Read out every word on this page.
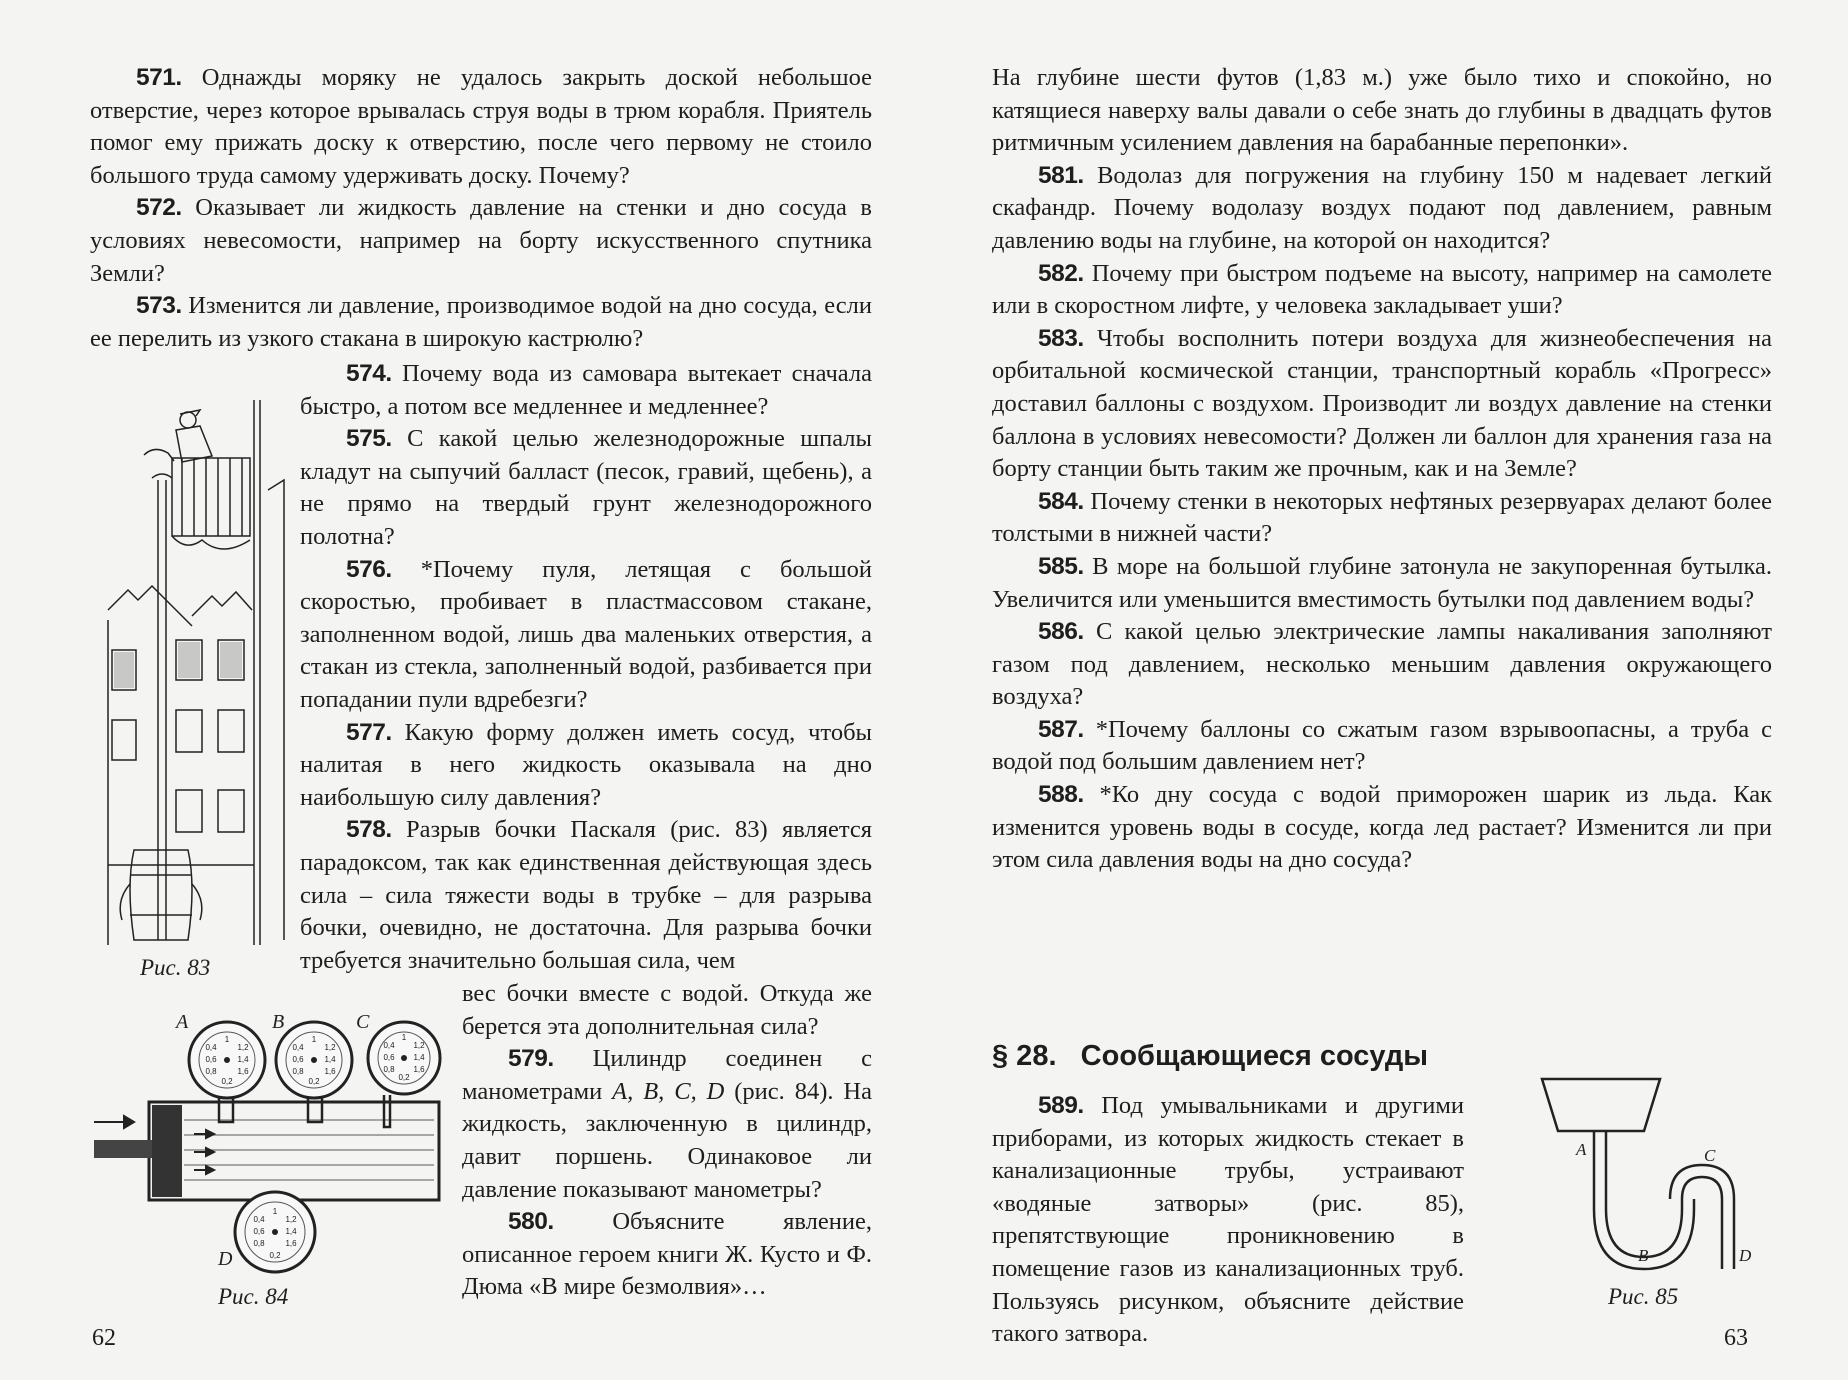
571. Однажды моряку не удалось закрыть доской небольшое отверстие, через которое врывалась струя воды в трюм корабля. Приятель помог ему прижать доску к отверстию, после чего первому не стоило большого труда самому удерживать доску. Почему?

572. Оказывает ли жидкость давление на стенки и дно сосуда в условиях невесомости, например на борту искусственного спутника Земли?

573. Изменится ли давление, производимое водой на дно сосуда, если ее перелить из узкого стакана в широкую кастрюлю?

574. Почему вода из самовара вытекает сначала быстро, а потом все медленнее и медленнее?

575. С какой целью железнодорожные шпалы кладут на сыпучий балласт (песок, гравий, щебень), а не прямо на твердый грунт железнодорожного полотна?

576. *Почему пуля, летящая с большой скоростью, пробивает в пластмассовом стакане, заполненном водой, лишь два маленьких отверстия, а стакан из стекла, заполненный водой, разбивается при попадании пули вдребезги?

577. Какую форму должен иметь сосуд, чтобы налитая в него жидкость оказывала на дно наибольшую силу давления?

578. Разрыв бочки Паскаля (рис. 83) является парадоксом, так как единственная действующая здесь сила – сила тяжести воды в трубке – для разрыва бочки, очевидно, не достаточна. Для разрыва бочки требуется значительно большая сила, чем

вес бочки вместе с водой. Откуда же берется эта дополнительная сила?

579. Цилиндр соединен с манометрами A, B, C, D (рис. 84). На жидкость, заключенную в цилиндр, давит поршень. Одинаковое ли давление показывают манометры?

580. Объясните явление, описанное героем книги Ж. Кусто и Ф. Дюма «В мире безмолвия»…

Рис. 83
0,4
0,6
0,8
1
1,2
1,4
1,6
0,2
0,4
0,6
0,8
1
1,2
1,4
1,6
0,2
0,4
0,6
0,8
1
1,2
1,4
1,6
0,2
0,4
0,6
0,8
1
1,2
1,4
1,6
0,2
A	B	C
D
Рис. 84
62

На глубине шести футов (1,83 м.) уже было тихо и спокойно, но катящиеся наверху валы давали о себе знать до глубины в двадцать футов ритмичным усилением давления на барабанные перепонки».

581. Водолаз для погружения на глубину 150 м надевает легкий скафандр. Почему водолазу воздух подают под давлением, равным давлению воды на глубине, на которой он находится?

582. Почему при быстром подъеме на высоту, например на самолете или в скоростном лифте, у человека закладывает уши?

583. Чтобы восполнить потери воздуха для жизнеобеспечения на орбитальной космической станции, транспортный корабль «Прогресс» доставил баллоны с воздухом. Производит ли воздух давление на стенки баллона в условиях невесомости? Должен ли баллон для хранения газа на борту станции быть таким же прочным, как и на Земле?

584. Почему стенки в некоторых нефтяных резервуарах делают более толстыми в нижней части?

585. В море на большой глубине затонула не закупоренная бутылка. Увеличится или уменьшится вместимость бутылки под давлением воды?

586. С какой целью электрические лампы накаливания заполняют газом под давлением, несколько меньшим давления окружающего воздуха?

587. *Почему баллоны со сжатым газом взрывоопасны, а труба с водой под большим давлением нет?

588. *Ко дну сосуда с водой приморожен шарик из льда. Как изменится уровень воды в сосуде, когда лед растает? Изменится ли при этом сила давления воды на дно сосуда?

§ 28.   Сообщающиеся сосуды

589. Под умывальниками и другими приборами, из которых жидкость стекает в канализационные трубы, устраивают «водяные затворы» (рис. 85), препятствующие проникновению в помещение газов из канализационных труб. Пользуясь рисунком, объясните действие такого затвора.

A
B
C
D
Рис. 85
63
